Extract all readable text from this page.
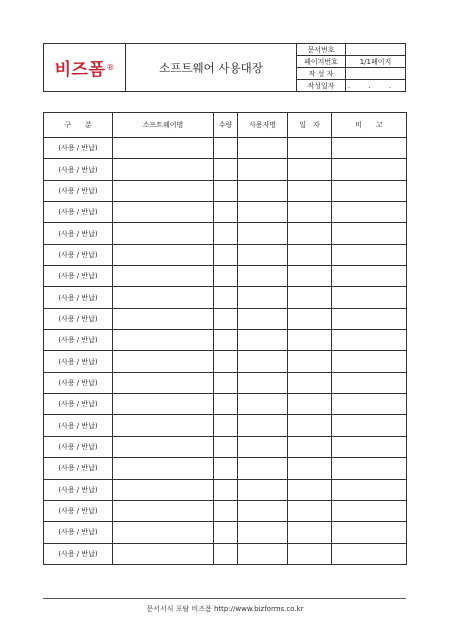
비즈폼 ®	소프트웨어 사용대장
문서번호
페이지번호	1/1페이지
작 성 자
작성일자	. . .
구　　분	소프트웨어명	수량	사용자명	일　자	비　　고
(사용 / 반납)					
(사용 / 반납)					
(사용 / 반납)					
(사용 / 반납)					
(사용 / 반납)					
(사용 / 반납)					
(사용 / 반납)					
(사용 / 반납)					
(사용 / 반납)					
(사용 / 반납)					
(사용 / 반납)					
(사용 / 반납)					
(사용 / 반납)					
(사용 / 반납)					
(사용 / 반납)					
(사용 / 반납)					
(사용 / 반납)					
(사용 / 반납)					
(사용 / 반납)					
(사용 / 반납)					
문서서식 포탈 비즈폼 http://www.bizforms.co.kr
